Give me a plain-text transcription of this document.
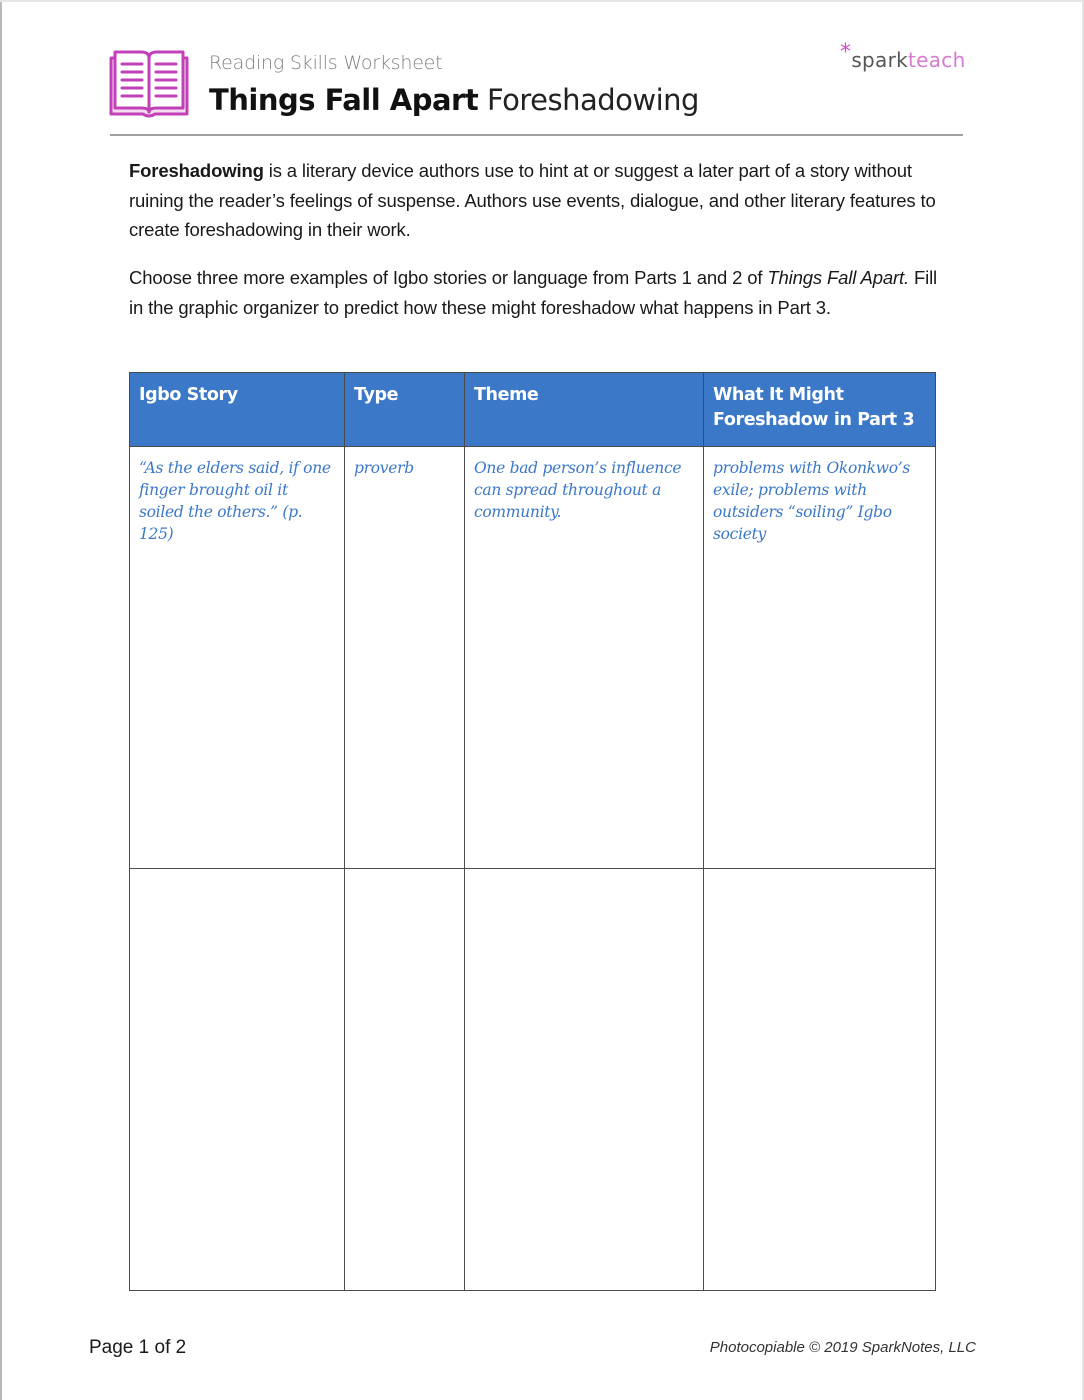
Reading Skills Worksheet
Things Fall Apart Foreshadowing
*sparkteach
Foreshadowing is a literary device authors use to hint at or suggest a later part of a story without ruining the reader’s feelings of suspense. Authors use events, dialogue, and other literary features to create foreshadowing in their work.
Choose three more examples of Igbo stories or language from Parts 1 and 2 of Things Fall Apart. Fill in the graphic organizer to predict how these might foreshadow what happens in Part 3.
Igbo Story	Type	Theme	What It Might Foreshadow in Part 3
“As the elders said, if one finger brought oil it soiled the others.” (p. 125)	proverb	One bad person’s influence can spread throughout a community.	problems with Okonkwo’s exile; problems with outsiders “soiling” Igbo society

Page 1 of 2	Photocopiable © 2019 SparkNotes, LLC
